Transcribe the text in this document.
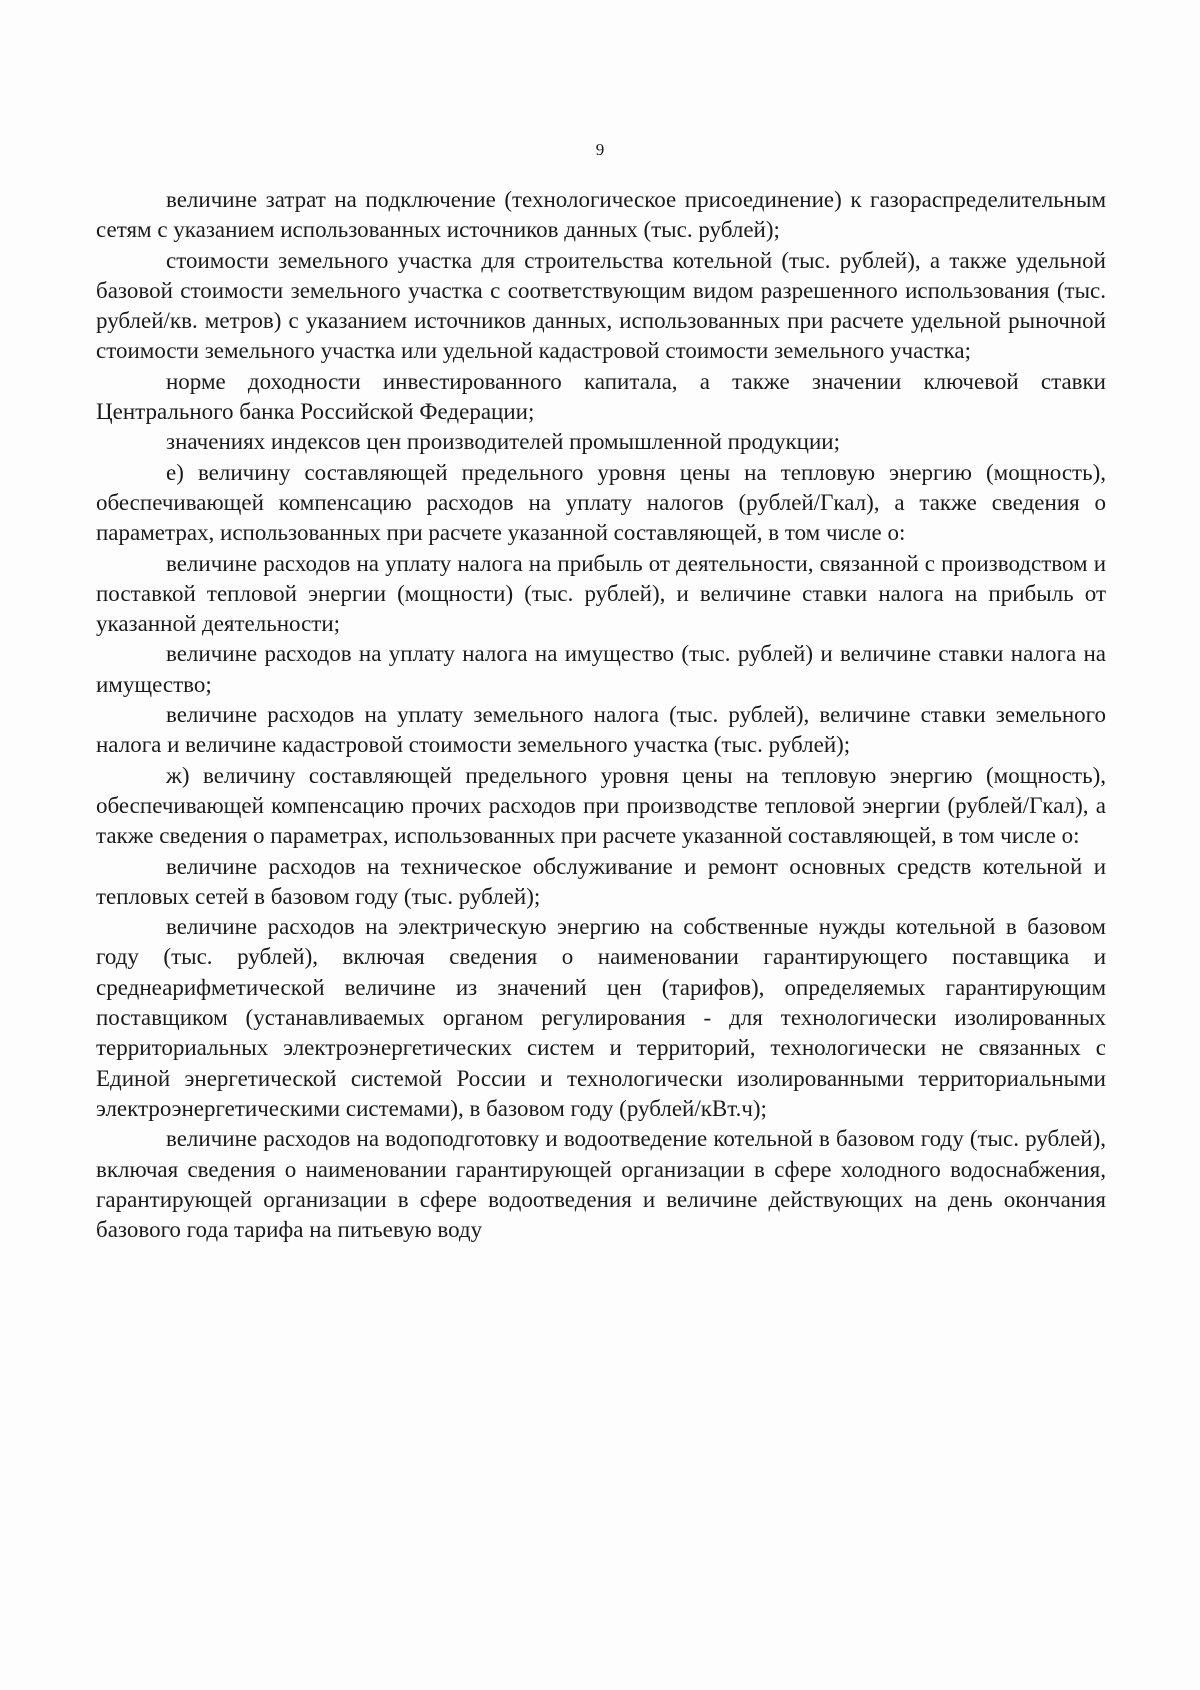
9

величине затрат на подключение (технологическое присоединение) к газораспределительным сетям с указанием использованных источников данных (тыс. рублей);

стоимости земельного участка для строительства котельной (тыс. рублей), а также удельной базовой стоимости земельного участка с соответствующим видом разрешенного использования (тыс. рублей/кв. метров) с указанием источников данных, использованных при расчете удельной рыночной стоимости земельного участка или удельной кадастровой стоимости земельного участка;

норме доходности инвестированного капитала, а также значении ключевой ставки Центрального банка Российской Федерации;

значениях индексов цен производителей промышленной продукции;

е) величину составляющей предельного уровня цены на тепловую энергию (мощность), обеспечивающей компенсацию расходов на уплату налогов (рублей/Гкал), а также сведения о параметрах, использованных при расчете указанной составляющей, в том числе о:

величине расходов на уплату налога на прибыль от деятельности, связанной с производством и поставкой тепловой энергии (мощности) (тыс. рублей), и величине ставки налога на прибыль от указанной деятельности;

величине расходов на уплату налога на имущество (тыс. рублей) и величине ставки налога на имущество;

величине расходов на уплату земельного налога (тыс. рублей), величине ставки земельного налога и величине кадастровой стоимости земельного участка (тыс. рублей);

ж) величину составляющей предельного уровня цены на тепловую энергию (мощность), обеспечивающей компенсацию прочих расходов при производстве тепловой энергии (рублей/Гкал), а также сведения о параметрах, использованных при расчете указанной составляющей, в том числе о:

величине расходов на техническое обслуживание и ремонт основных средств котельной и тепловых сетей в базовом году (тыс. рублей);

величине расходов на электрическую энергию на собственные нужды котельной в базовом году (тыс. рублей), включая сведения о наименовании гарантирующего поставщика и среднеарифметической величине из значений цен (тарифов), определяемых гарантирующим поставщиком (устанавливаемых органом регулирования - для технологически изолированных территориальных электроэнергетических систем и территорий, технологически не связанных с Единой энергетической системой России и технологически изолированными территориальными электроэнергетическими системами), в базовом году (рублей/кВт.ч);

величине расходов на водоподготовку и водоотведение котельной в базовом году (тыс. рублей), включая сведения о наименовании гарантирующей организации в сфере холодного водоснабжения, гарантирующей организации в сфере водоотведения и величине действующих на день окончания базового года тарифа на питьевую воду
